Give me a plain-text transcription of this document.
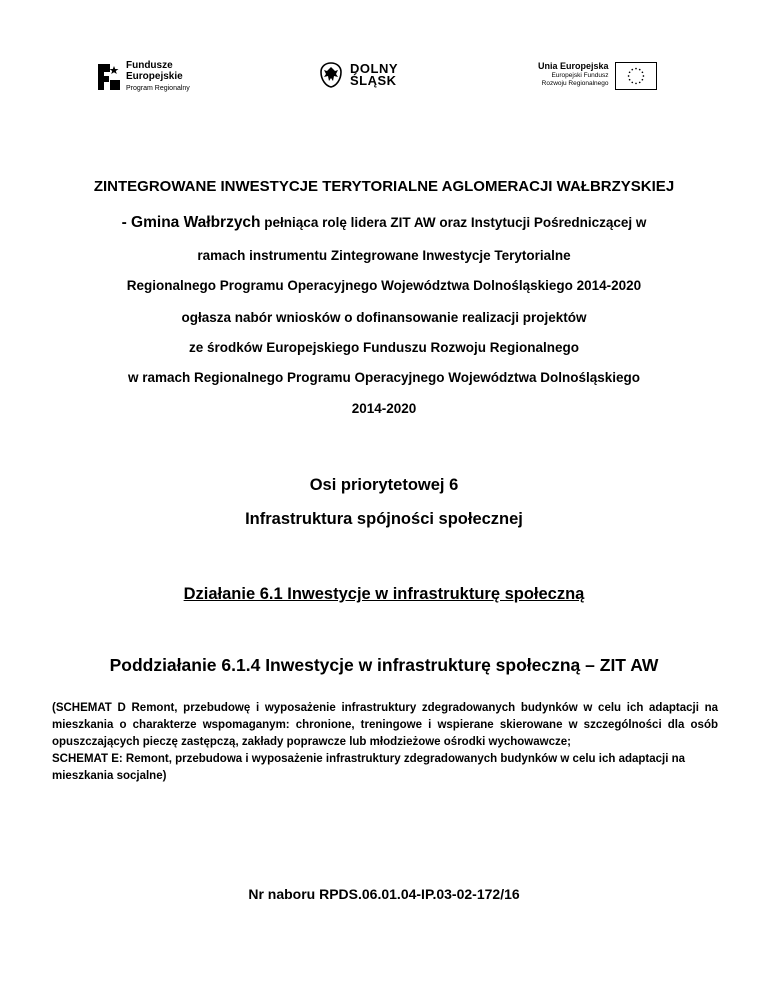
Fundusze
Europejskie
Program Regionalny
DOLNY
ŚLĄSK
Unia Europejska
Europejski Fundusz
Rozwoju Regionalnego
ZINTEGROWANE INWESTYCJE TERYTORIALNE AGLOMERACJI WAŁBRZYSKIEJ
- Gmina Wałbrzych pełniąca rolę lidera ZIT AW oraz Instytucji Pośredniczącej w
ramach instrumentu Zintegrowane Inwestycje Terytorialne
Regionalnego Programu Operacyjnego Województwa Dolnośląskiego 2014-2020
ogłasza nabór wniosków o dofinansowanie realizacji projektów
ze środków Europejskiego Funduszu Rozwoju Regionalnego
w ramach Regionalnego Programu Operacyjnego Województwa Dolnośląskiego
2014-2020
Osi priorytetowej 6
Infrastruktura spójności społecznej
Działanie 6.1 Inwestycje w infrastrukturę społeczną
Poddziałanie 6.1.4 Inwestycje w infrastrukturę społeczną – ZIT AW

(SCHEMAT D Remont, przebudowę i wyposażenie infrastruktury zdegradowanych budynków w celu ich adaptacji na mieszkania o charakterze wspomaganym: chronione, treningowe i wspierane skierowane w szczególności dla osób opuszczających pieczę zastępczą, zakłady poprawcze lub młodzieżowe ośrodki wychowawcze;

SCHEMAT E: Remont, przebudowa i wyposażenie infrastruktury zdegradowanych budynków w celu ich adaptacji na mieszkania socjalne)

Nr naboru RPDS.06.01.04-IP.03-02-172/16
